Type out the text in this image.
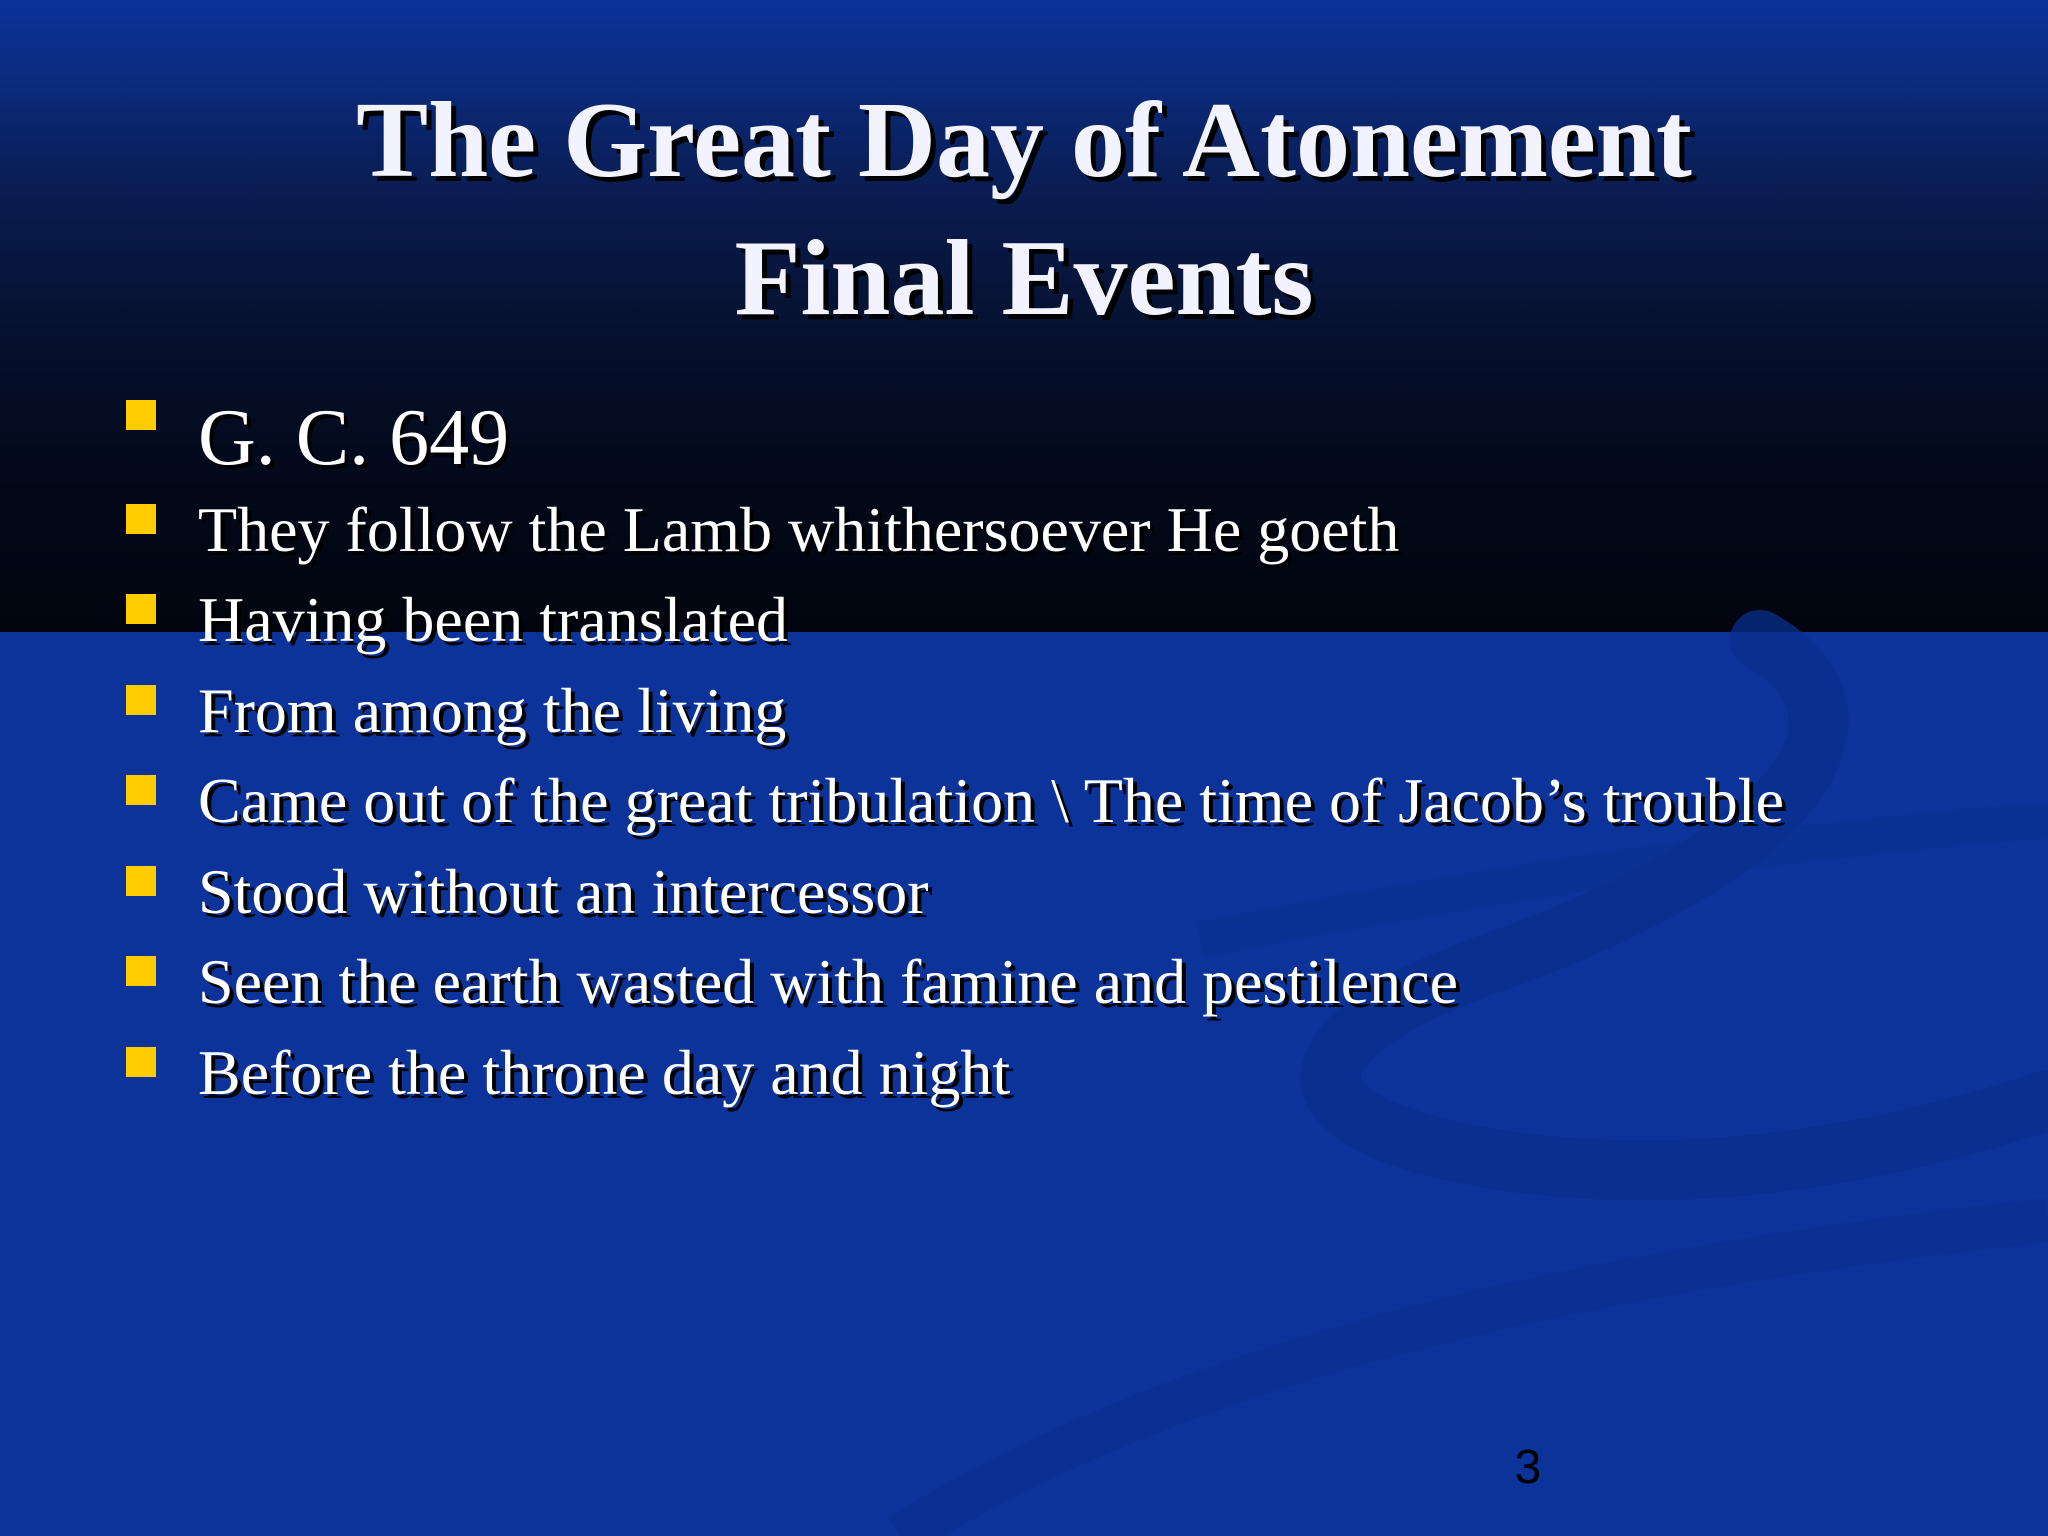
The Great Day of Atonement
Final Events
G. C. 649
They follow the Lamb whithersoever He goeth
Having been translated
From among the living
Came out of the great tribulation \ The time of Jacob’s trouble
Stood without an intercessor
Seen the earth wasted with famine and pestilence
Before the throne day and night
3
